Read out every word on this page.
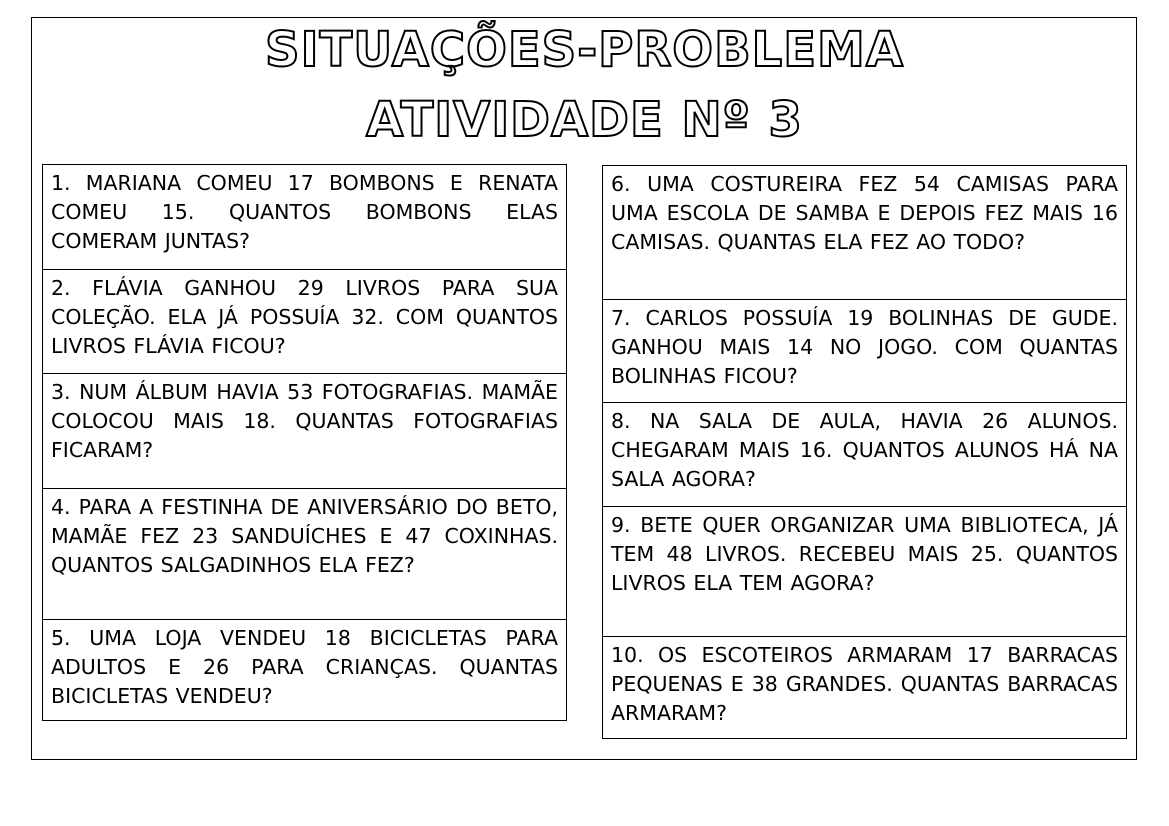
SITUAÇÕES-PROBLEMA
ATIVIDADE Nº 3
1. MARIANA COMEU 17 BOMBONS E RENATA COMEU 15. QUANTOS BOMBONS ELAS COMERAM JUNTAS?
2. FLÁVIA GANHOU 29 LIVROS PARA SUA COLEÇÃO. ELA JÁ POSSUÍA 32. COM QUANTOS LIVROS FLÁVIA FICOU?
3. NUM ÁLBUM HAVIA 53 FOTOGRAFIAS. MAMÃE COLOCOU MAIS 18. QUANTAS FOTOGRAFIAS FICARAM?
4. PARA A FESTINHA DE ANIVERSÁRIO DO BETO, MAMÃE FEZ 23 SANDUÍCHES E 47 COXINHAS. QUANTOS SALGADINHOS ELA FEZ?
5. UMA LOJA VENDEU 18 BICICLETAS PARA ADULTOS E 26 PARA CRIANÇAS. QUANTAS BICICLETAS VENDEU?
6. UMA COSTUREIRA FEZ 54 CAMISAS PARA UMA ESCOLA DE SAMBA E DEPOIS FEZ MAIS 16 CAMISAS. QUANTAS ELA FEZ AO TODO?
7. CARLOS POSSUÍA 19 BOLINHAS DE GUDE. GANHOU MAIS 14 NO JOGO. COM QUANTAS BOLINHAS FICOU?
8. NA SALA DE AULA, HAVIA 26 ALUNOS. CHEGARAM MAIS 16. QUANTOS ALUNOS HÁ NA SALA AGORA?
9. BETE QUER ORGANIZAR UMA BIBLIOTECA, JÁ TEM 48 LIVROS. RECEBEU MAIS 25. QUANTOS LIVROS ELA TEM AGORA?
10. OS ESCOTEIROS ARMARAM 17 BARRACAS PEQUENAS E 38 GRANDES. QUANTAS BARRACAS ARMARAM?
